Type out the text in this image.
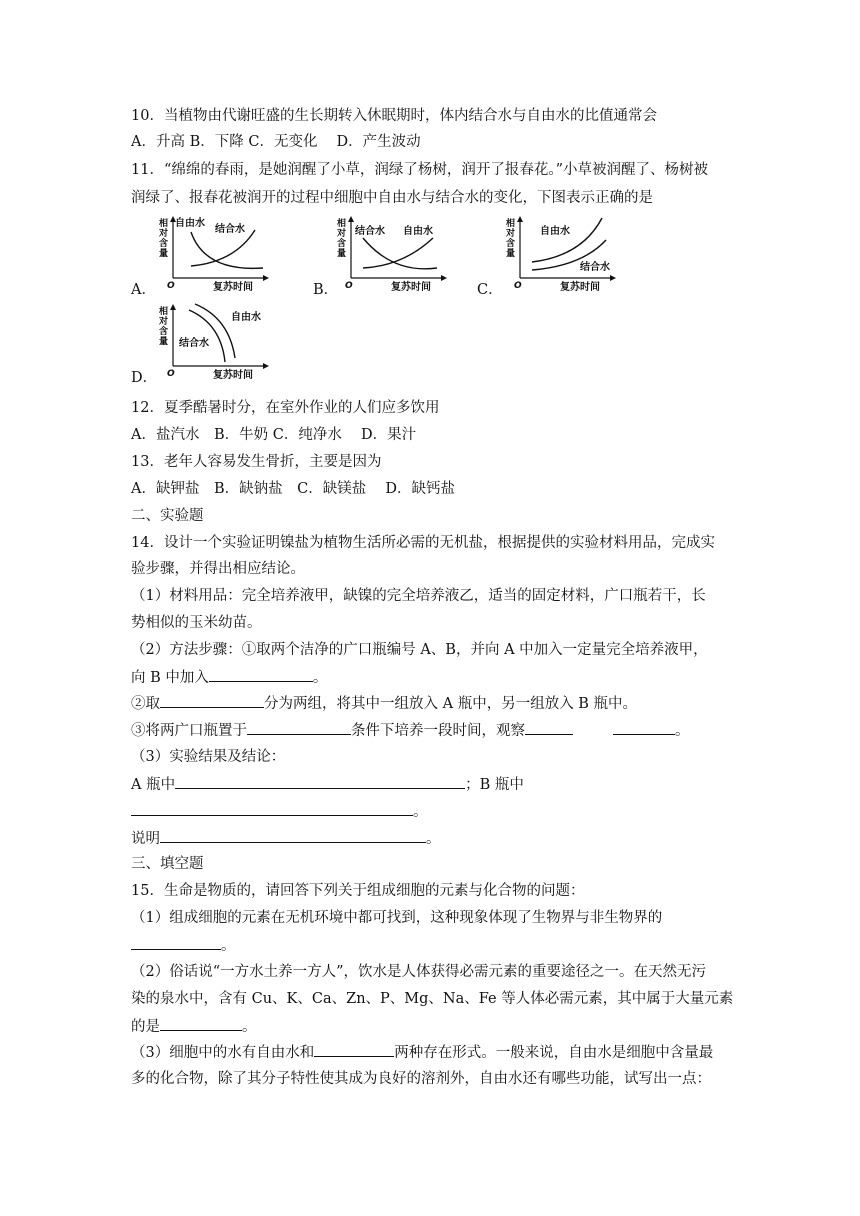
10．当植物由代谢旺盛的生长期转入休眠期时，体内结合水与自由水的比值通常会
A．升高 B．下降 C．无变化　 D．产生波动
11．“绵绵的春雨，是她润醒了小草，润绿了杨树，润开了报春花。”小草被润醒了、杨树被
润绿了、报春花被润开的过程中细胞中自由水与结合水的变化，下图表示正确的是
A．
相
对
含
量
自由水
结合水
O	复苏时间	B．
相
对
含
量
结合水 自由水
O	复苏时间	C．
相
对
含
量
自由水
结合水
O	复苏时间
D．
相
对
含
量
自由水
结合水
O	复苏时间
12．夏季酷暑时分，在室外作业的人们应多饮用
A．盐汽水　B．牛奶 C．纯净水　 D．果汁
13．老年人容易发生骨折，主要是因为
A．缺钾盐　B．缺钠盐　C．缺镁盐　 D．缺钙盐
二、实验题
14．设计一个实验证明镍盐为植物生活所必需的无机盐，根据提供的实验材料用品，完成实
验步骤，并得出相应结论。
（1）材料用品：完全培养液甲，缺镍的完全培养液乙，适当的固定材料，广口瓶若干，长
势相似的玉米幼苗。
（2）方法步骤：①取两个洁净的广口瓶编号 A、B，并向 A 中加入一定量完全培养液甲，
向 B 中加入	。
②取	分为两组，将其中一组放入 A 瓶中，另一组放入 B 瓶中。
③将两广口瓶置于	条件下培养一段时间，观察	。
（3）实验结果及结论：
A 瓶中	；B 瓶中
。
说明	。
三、填空题
15．生命是物质的，请回答下列关于组成细胞的元素与化合物的问题：
（1）组成细胞的元素在无机环境中都可找到，这种现象体现了生物界与非生物界的
。
（2）俗话说“一方水土养一方人”，饮水是人体获得必需元素的重要途径之一。在天然无污
染的泉水中，含有 Cu、K、Ca、Zn、P、Mg、Na、Fe 等人体必需元素，其中属于大量元素
的是	。
（3）细胞中的水有自由水和	两种存在形式。一般来说，自由水是细胞中含量最
多的化合物，除了其分子特性使其成为良好的溶剂外，自由水还有哪些功能，试写出一点：
